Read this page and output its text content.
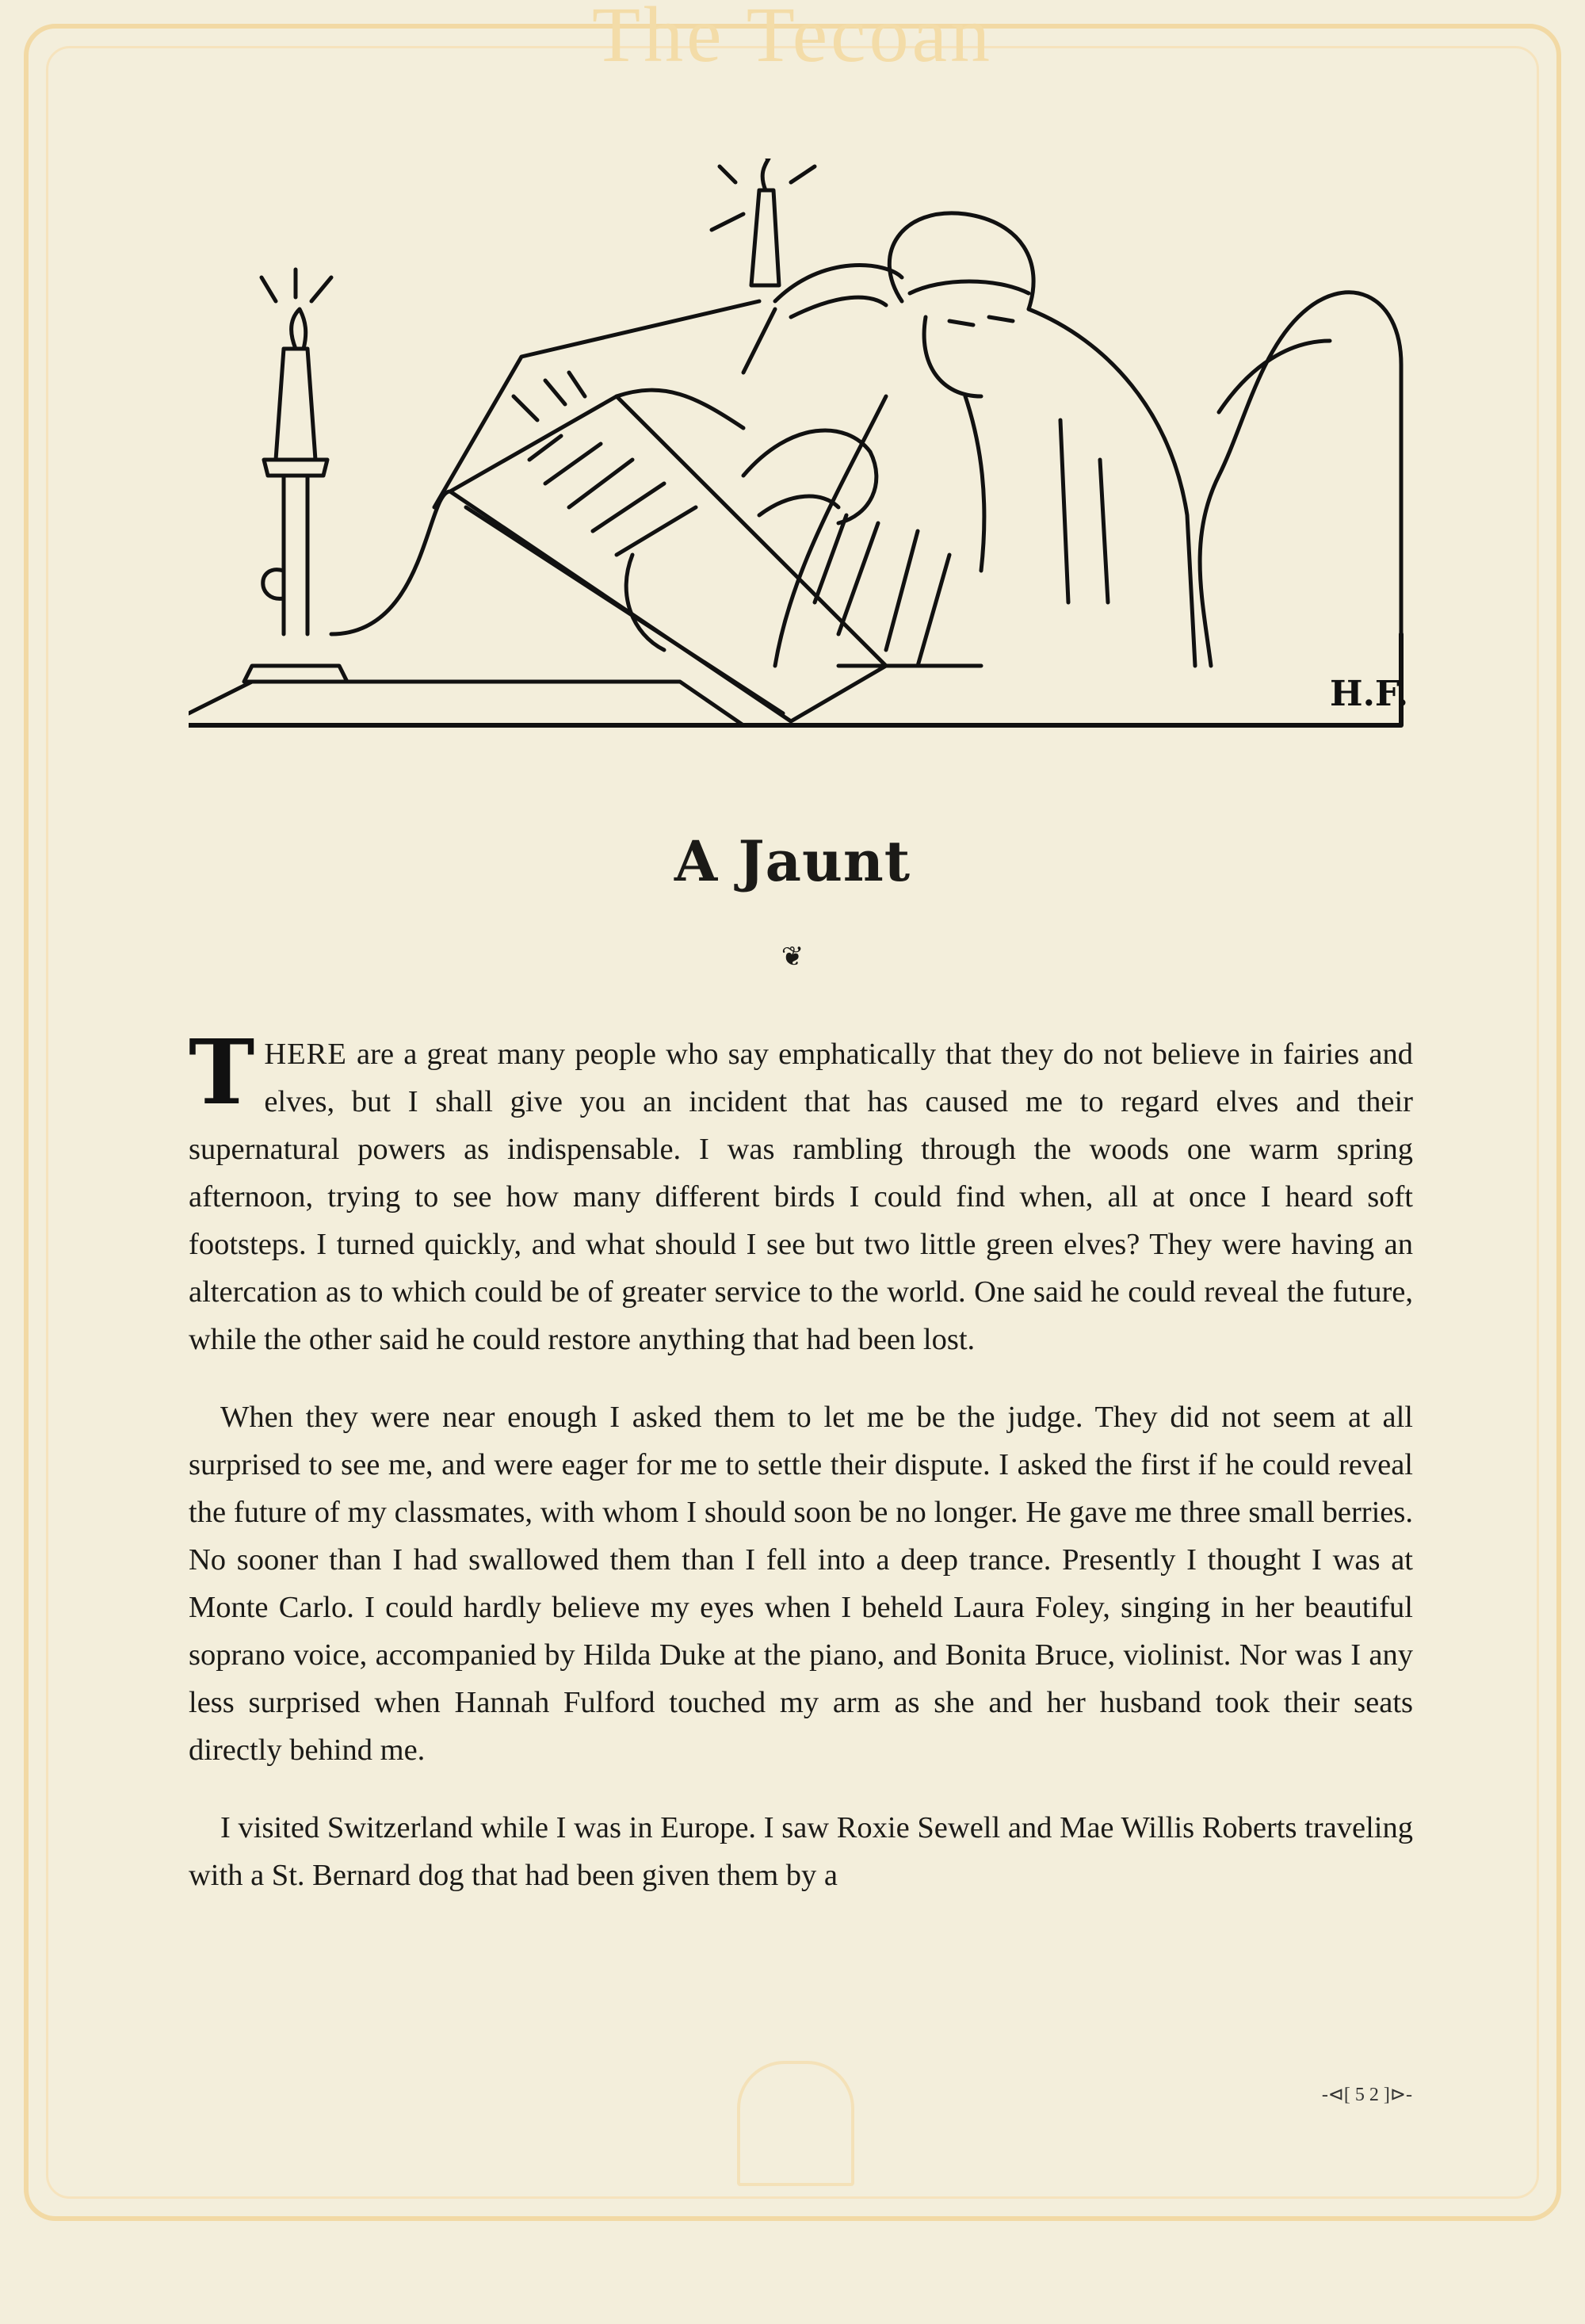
The Tecoan
H.F.
A Jaunt
❦

THERE are a great many people who say emphatically that they do not believe in fairies and elves, but I shall give you an incident that has caused me to regard elves and their supernatural powers as indispensable. I was rambling through the woods one warm spring afternoon, trying to see how many different birds I could find when, all at once I heard soft footsteps. I turned quickly, and what should I see but two little green elves? They were having an altercation as to which could be of greater service to the world. One said he could reveal the future, while the other said he could restore anything that had been lost.

When they were near enough I asked them to let me be the judge. They did not seem at all surprised to see me, and were eager for me to settle their dispute. I asked the first if he could reveal the future of my classmates, with whom I should soon be no longer. He gave me three small berries. No sooner than I had swallowed them than I fell into a deep trance. Presently I thought I was at Monte Carlo. I could hardly believe my eyes when I beheld Laura Foley, singing in her beautiful soprano voice, accompanied by Hilda Duke at the piano, and Bonita Bruce, violinist. Nor was I any less surprised when Hannah Fulford touched my arm as she and her husband took their seats directly behind me.

I visited Switzerland while I was in Europe. I saw Roxie Sewell and Mae Willis Roberts traveling with a St. Bernard dog that had been given them by a

-⊲[ 5 2 ]⊳-
